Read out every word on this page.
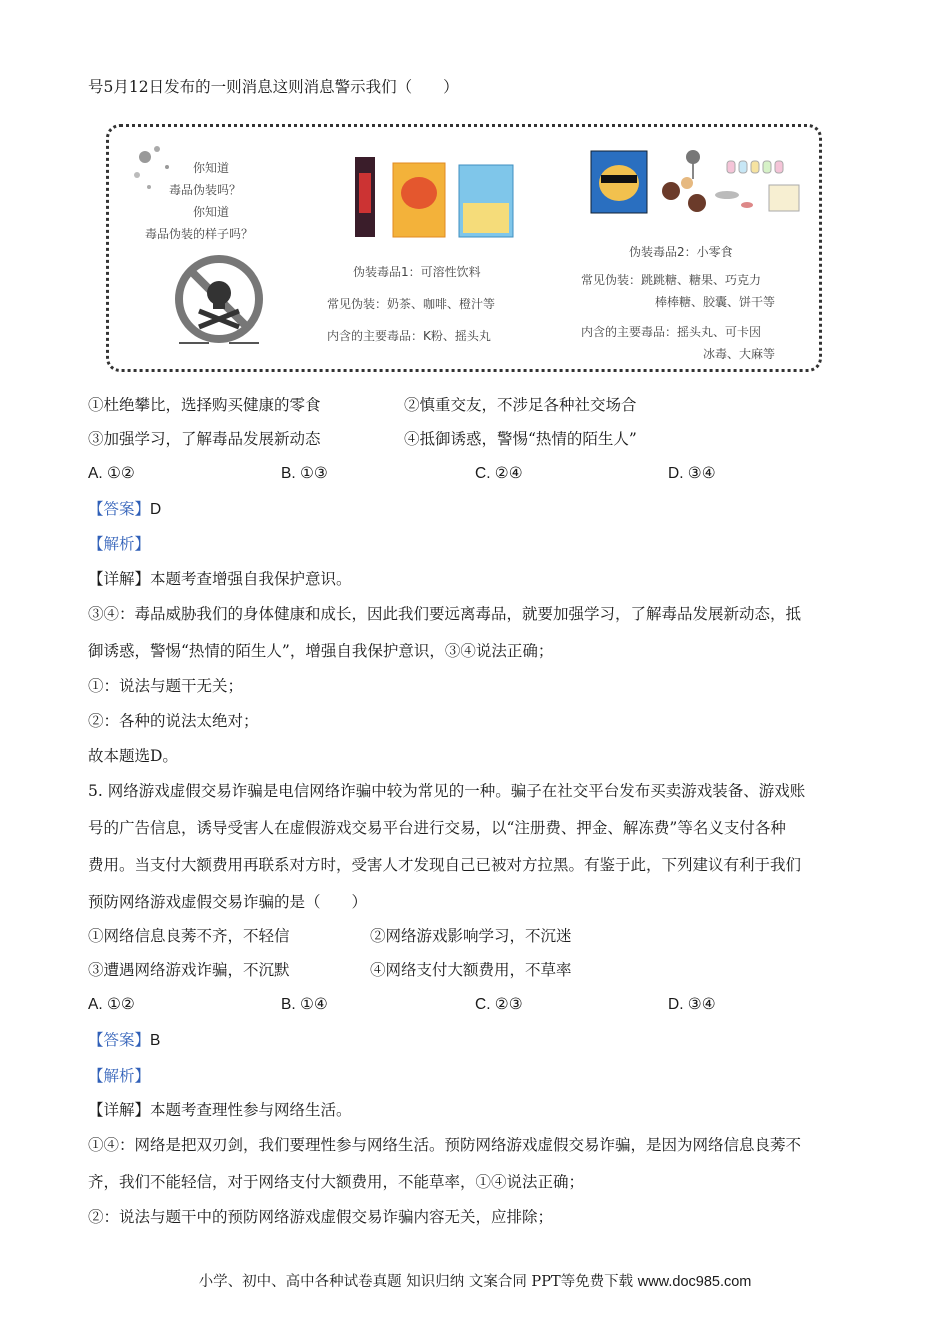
号5月12日发布的一则消息这则消息警示我们（　　）
你知道
毒品伪装吗？
你知道
毒品伪装的样子吗？
伪装毒品1：可溶性饮料
常见伪装：奶茶、咖啡、橙汁等
内含的主要毒品：K粉、摇头丸
伪装毒品2：小零食
常见伪装：跳跳糖、糖果、巧克力
棒棒糖、胶囊、饼干等
内含的主要毒品：摇头丸、可卡因
冰毒、大麻等
①杜绝攀比，选择购买健康的零食	②慎重交友，不涉足各种社交场合
③加强学习，了解毒品发展新动态	④抵御诱惑，警惕“热情的陌生人”
A. ①②	B. ①③	C. ②④	D. ③④
【答案】D
【解析】
【详解】本题考查增强自我保护意识。
③④：毒品威胁我们的身体健康和成长，因此我们要远离毒品，就要加强学习，了解毒品发展新动态，抵
御诱惑，警惕“热情的陌生人”，增强自我保护意识，③④说法正确；
①：说法与题干无关；
②：各种的说法太绝对；
故本题选D。
5. 网络游戏虚假交易诈骗是电信网络诈骗中较为常见的一种。骗子在社交平台发布买卖游戏装备、游戏账
号的广告信息，诱导受害人在虚假游戏交易平台进行交易，以“注册费、押金、解冻费”等名义支付各种
费用。当支付大额费用再联系对方时，受害人才发现自己已被对方拉黑。有鉴于此，下列建议有利于我们
预防网络游戏虚假交易诈骗的是（　　）
①网络信息良莠不齐，不轻信	②网络游戏影响学习，不沉迷
③遭遇网络游戏诈骗，不沉默	④网络支付大额费用，不草率
A. ①②	B. ①④	C. ②③	D. ③④
【答案】B
【解析】
【详解】本题考查理性参与网络生活。
①④：网络是把双刃剑，我们要理性参与网络生活。预防网络游戏虚假交易诈骗，是因为网络信息良莠不
齐，我们不能轻信，对于网络支付大额费用，不能草率，①④说法正确；
②：说法与题干中的预防网络游戏虚假交易诈骗内容无关，应排除；
小学、初中、高中各种试卷真题 知识归纳 文案合同 PPT等免费下载 www.doc985.com
